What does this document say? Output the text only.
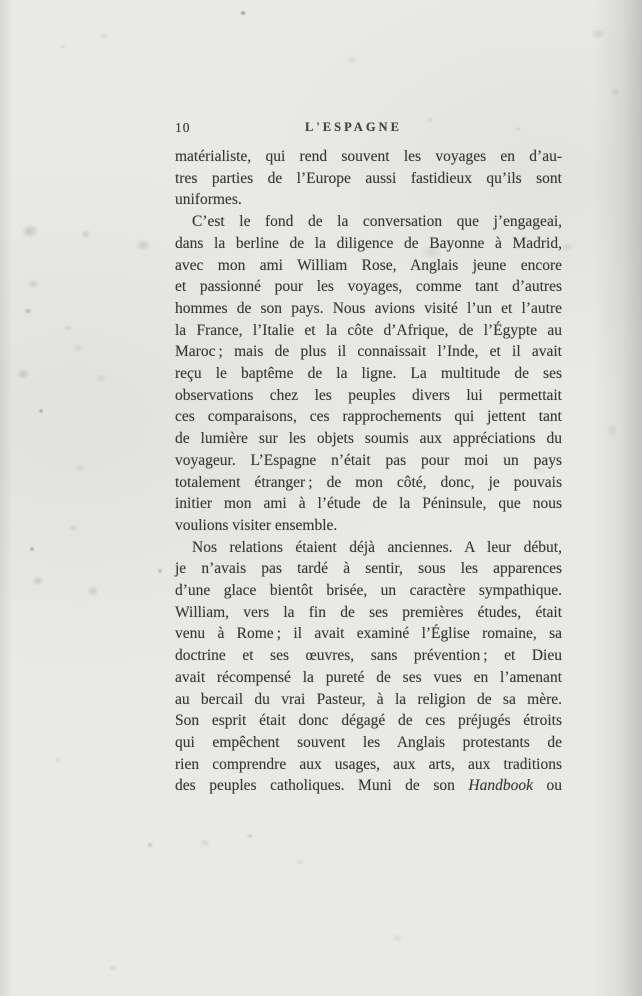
10	L'ESPAGNE
matérialiste, qui rend souvent les voyages en d’au-
tres parties de l’Europe aussi fastidieux qu’ils sont
uniformes.
C’est le fond de la conversation que j’engageai,
dans la berline de la diligence de Bayonne à Madrid,
avec mon ami William Rose, Anglais jeune encore
et passionné pour les voyages, comme tant d’autres
hommes de son pays. Nous avions visité l’un et l’autre
la France, l’Italie et la côte d’Afrique, de l’Égypte au
Maroc ; mais de plus il connaissait l’Inde, et il avait
reçu le baptême de la ligne. La multitude de ses
observations chez les peuples divers lui permettait
ces comparaisons, ces rapprochements qui jettent tant
de lumière sur les objets soumis aux appréciations du
voyageur. L’Espagne n’était pas pour moi un pays
totalement étranger ; de mon côté, donc, je pouvais
initier mon ami à l’étude de la Péninsule, que nous
voulions visiter ensemble.
Nos relations étaient déjà anciennes. A leur début,
je n’avais pas tardé à sentir, sous les apparences
d’une glace bientôt brisée, un caractère sympathique.
William, vers la fin de ses premières études, était
venu à Rome ; il avait examiné l’Église romaine, sa
doctrine et ses œuvres, sans prévention ; et Dieu
avait récompensé la pureté de ses vues en l’amenant
au bercail du vrai Pasteur, à la religion de sa mère.
Son esprit était donc dégagé de ces préjugés étroits
qui empêchent souvent les Anglais protestants de
rien comprendre aux usages, aux arts, aux traditions
des peuples catholiques. Muni de son Handbook ou
